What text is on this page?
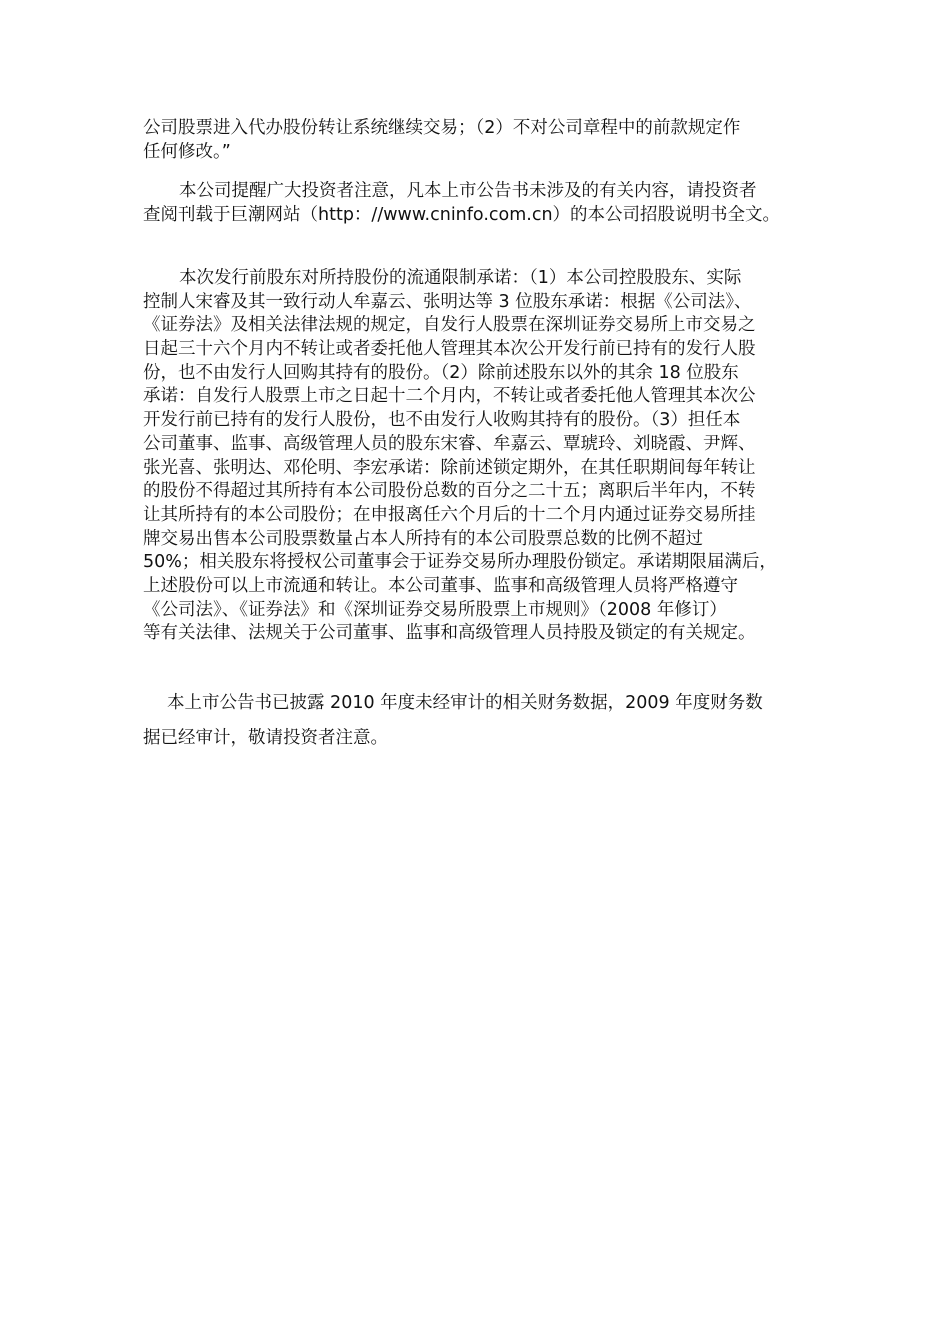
公司股票进入代办股份转让系统继续交易；（2）不对公司章程中的前款规定作
任何修改。”
本公司提醒广大投资者注意，凡本上市公告书未涉及的有关内容，请投资者
查阅刊载于巨潮网站（http：//www.cninfo.com.cn）的本公司招股说明书全文。
本次发行前股东对所持股份的流通限制承诺：（1）本公司控股股东、实际
控制人宋睿及其一致行动人牟嘉云、张明达等 3 位股东承诺：根据《公司法》、
《证券法》及相关法律法规的规定，自发行人股票在深圳证券交易所上市交易之
日起三十六个月内不转让或者委托他人管理其本次公开发行前已持有的发行人股
份，也不由发行人回购其持有的股份。（2）除前述股东以外的其余 18 位股东
承诺：自发行人股票上市之日起十二个月内，不转让或者委托他人管理其本次公
开发行前已持有的发行人股份，也不由发行人收购其持有的股份。（3）担任本
公司董事、监事、高级管理人员的股东宋睿、牟嘉云、覃琥玲、刘晓霞、尹辉、
张光喜、张明达、邓伦明、李宏承诺：除前述锁定期外，在其任职期间每年转让
的股份不得超过其所持有本公司股份总数的百分之二十五；离职后半年内，不转
让其所持有的本公司股份；在申报离任六个月后的十二个月内通过证券交易所挂
牌交易出售本公司股票数量占本人所持有的本公司股票总数的比例不超过
50%；相关股东将授权公司董事会于证券交易所办理股份锁定。承诺期限届满后，
上述股份可以上市流通和转让。本公司董事、监事和高级管理人员将严格遵守
《公司法》、《证券法》和《深圳证券交易所股票上市规则》（2008 年修订）
等有关法律、法规关于公司董事、监事和高级管理人员持股及锁定的有关规定。
本上市公告书已披露 2010 年度未经审计的相关财务数据，2009 年度财务数
据已经审计，敬请投资者注意。
